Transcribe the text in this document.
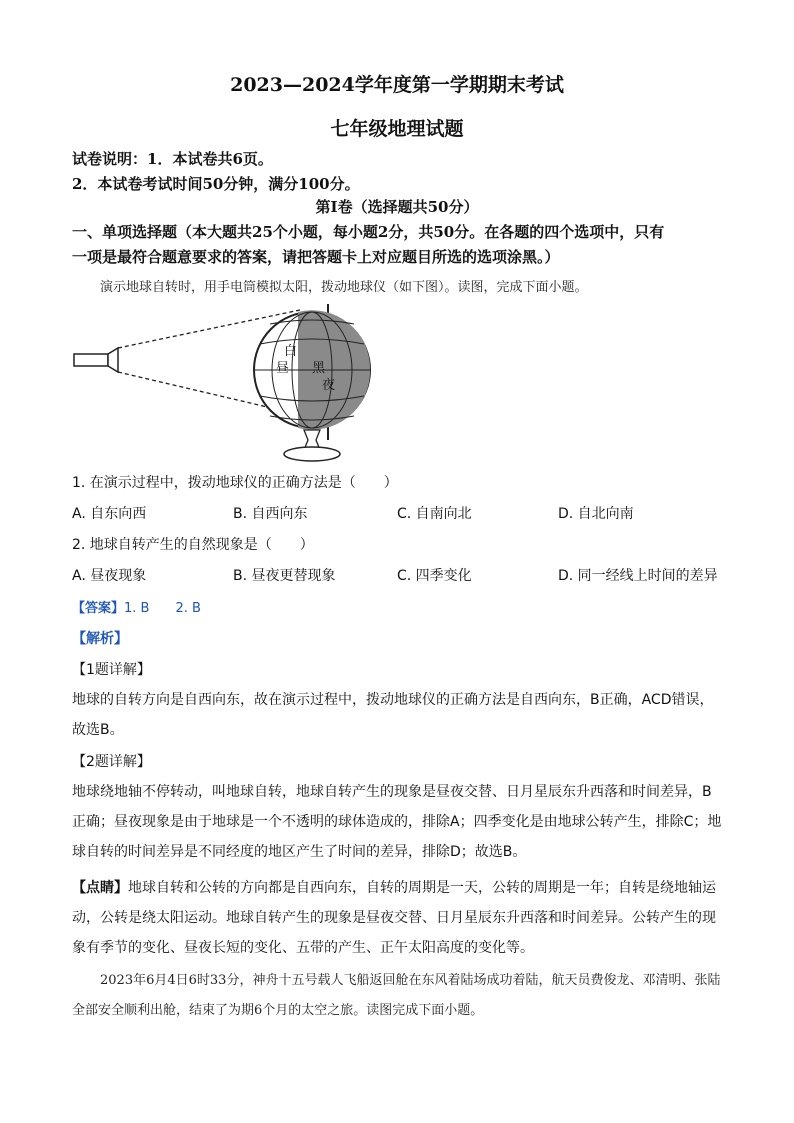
2023—2024学年度第一学期期末考试
七年级地理试题
试卷说明：1．本试卷共6页。
2．本试卷考试时间50分钟，满分100分。
第Ⅰ卷（选择题共50分）
一、单项选择题（本大题共25个小题，每小题2分，共50分。在各题的四个选项中，只有
一项是最符合题意要求的答案，请把答题卡上对应题目所选的选项涂黑。）
演示地球自转时，用手电筒模拟太阳，拨动地球仪（如下图）。读图，完成下面小题。
白
昼 黑
夜
1. 在演示过程中，拨动地球仪的正确方法是（　　）
A. 自东向西	B. 自西向东	C. 自南向北	D. 自北向南
2. 地球自转产生的自然现象是（　　）
A. 昼夜现象	B. 昼夜更替现象	C. 四季变化	D. 同一经线上时间的差异
【答案】1. B　　2. B
【解析】
【1题详解】
地球的自转方向是自西向东，故在演示过程中，拨动地球仪的正确方法是自西向东，B正确，ACD错误，故选B。
【2题详解】
地球绕地轴不停转动，叫地球自转，地球自转产生的现象是昼夜交替、日月星辰东升西落和时间差异，B正确；昼夜现象是由于地球是一个不透明的球体造成的，排除A；四季变化是由地球公转产生，排除C；地球自转的时间差异是不同经度的地区产生了时间的差异，排除D；故选B。
【点睛】地球自转和公转的方向都是自西向东，自转的周期是一天，公转的周期是一年；自转是绕地轴运动，公转是绕太阳运动。地球自转产生的现象是昼夜交替、日月星辰东升西落和时间差异。公转产生的现象有季节的变化、昼夜长短的变化、五带的产生、正午太阳高度的变化等。
2023年6月4日6时33分，神舟十五号载人飞船返回舱在东风着陆场成功着陆，航天员费俊龙、邓清明、张陆全部安全顺利出舱，结束了为期6个月的太空之旅。读图完成下面小题。
